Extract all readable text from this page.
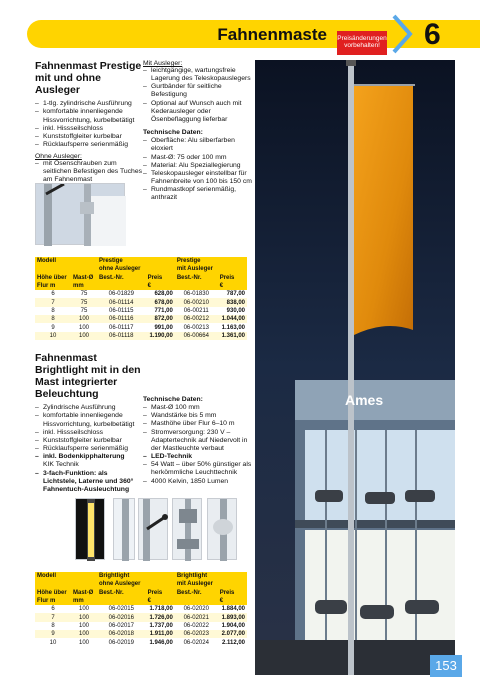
Fahnenmaste	6
Preisänderungen vorbehalten!
Fahnenmast Prestige mit und ohne Ausleger
– 1-tlg. zylindrische Ausführung
– komfortable innenliegende Hissvorrichtung, kurbelbetätigt
– inkl. Hissseilschloss
– Kunststoffgleiter kurbelbar
– Rücklaufsperre serienmäßig
Ohne Ausleger:
– mit Ösenschrauben zum seitlichen Befestigen des Tuches am Fahnenmast
Mit Ausleger:
– leichtgängige, wartungsfreie Lagerung des Teleskopauslegers
– Gurtbänder für seitliche Befestigung
– Optional auf Wunsch auch mit Kederausleger oder Ösenbeflaggung lieferbar
Technische Daten:
– Oberfläche: Alu silberfarben eloxiert
– Mast-Ø: 75 oder 100 mm
– Material: Alu Speziallegierung
– Teleskopausleger einstellbar für Fahnenbreite von 100 bis 150 cm
– Rundmastkopf serienmäßig, anthrazit
Modell		Prestige		Prestige	
		ohne Ausleger		mit Ausleger	
Höhe über	Mast-Ø	Best.-Nr.	Preis	Best.-Nr.	Preis
Flur m	mm		€		€
6	75	06-01829	628,00	06-01830	787,00
7	75	06-01114	678,00	06-00210	838,00
8	75	06-01115	771,00	06-00211	930,00
8	100	06-01116	872,00	06-00212	1.044,00
9	100	06-01117	991,00	06-00213	1.163,00
10	100	06-01118	1.190,00	06-00664	1.361,00
Fahnenmast Brightlight mit in den Mast integrierter Beleuchtung
– Zylindrische Ausführung
– komfortable innenliegende Hissvorrichtung, kurbelbetätigt
– inkl. Hissseilschloss
– Kunststoffgleiter kurbelbar
– Rücklaufsperre serienmäßig
– inkl. Bodenkipphalterung
KIK Technik
– 3-fach-Funktion: als Lichtstele, Laterne und 360° Fahnentuch-Ausleuchtung
Technische Daten:
– Mast-Ø 100 mm
– Wandstärke bis 5 mm
– Masthöhe über Flur 6–10 m
– Stromversorgung: 230 V – Adaptertechnik auf Niedervolt in der Mastleuchte verbaut
– LED-Technik
– 54 Watt – über 50% günstiger als herkömmliche Leuchttechnik
– 4000 Kelvin, 1850 Lumen
Modell		Brightlight		Brightlight	
		ohne Ausleger		mit Ausleger	
Höhe über	Mast-Ø	Best.-Nr.	Preis	Best.-Nr.	Preis
Flur m	mm		€		€
6	100	06-02015	1.718,00	06-02020	1.884,00
7	100	06-02016	1.726,00	06-02021	1.893,00
8	100	06-02017	1.737,00	06-02022	1.904,00
9	100	06-02018	1.911,00	06-02023	2.077,00
10	100	06-02019	1.946,00	06-02024	2.112,00
Ames
153
